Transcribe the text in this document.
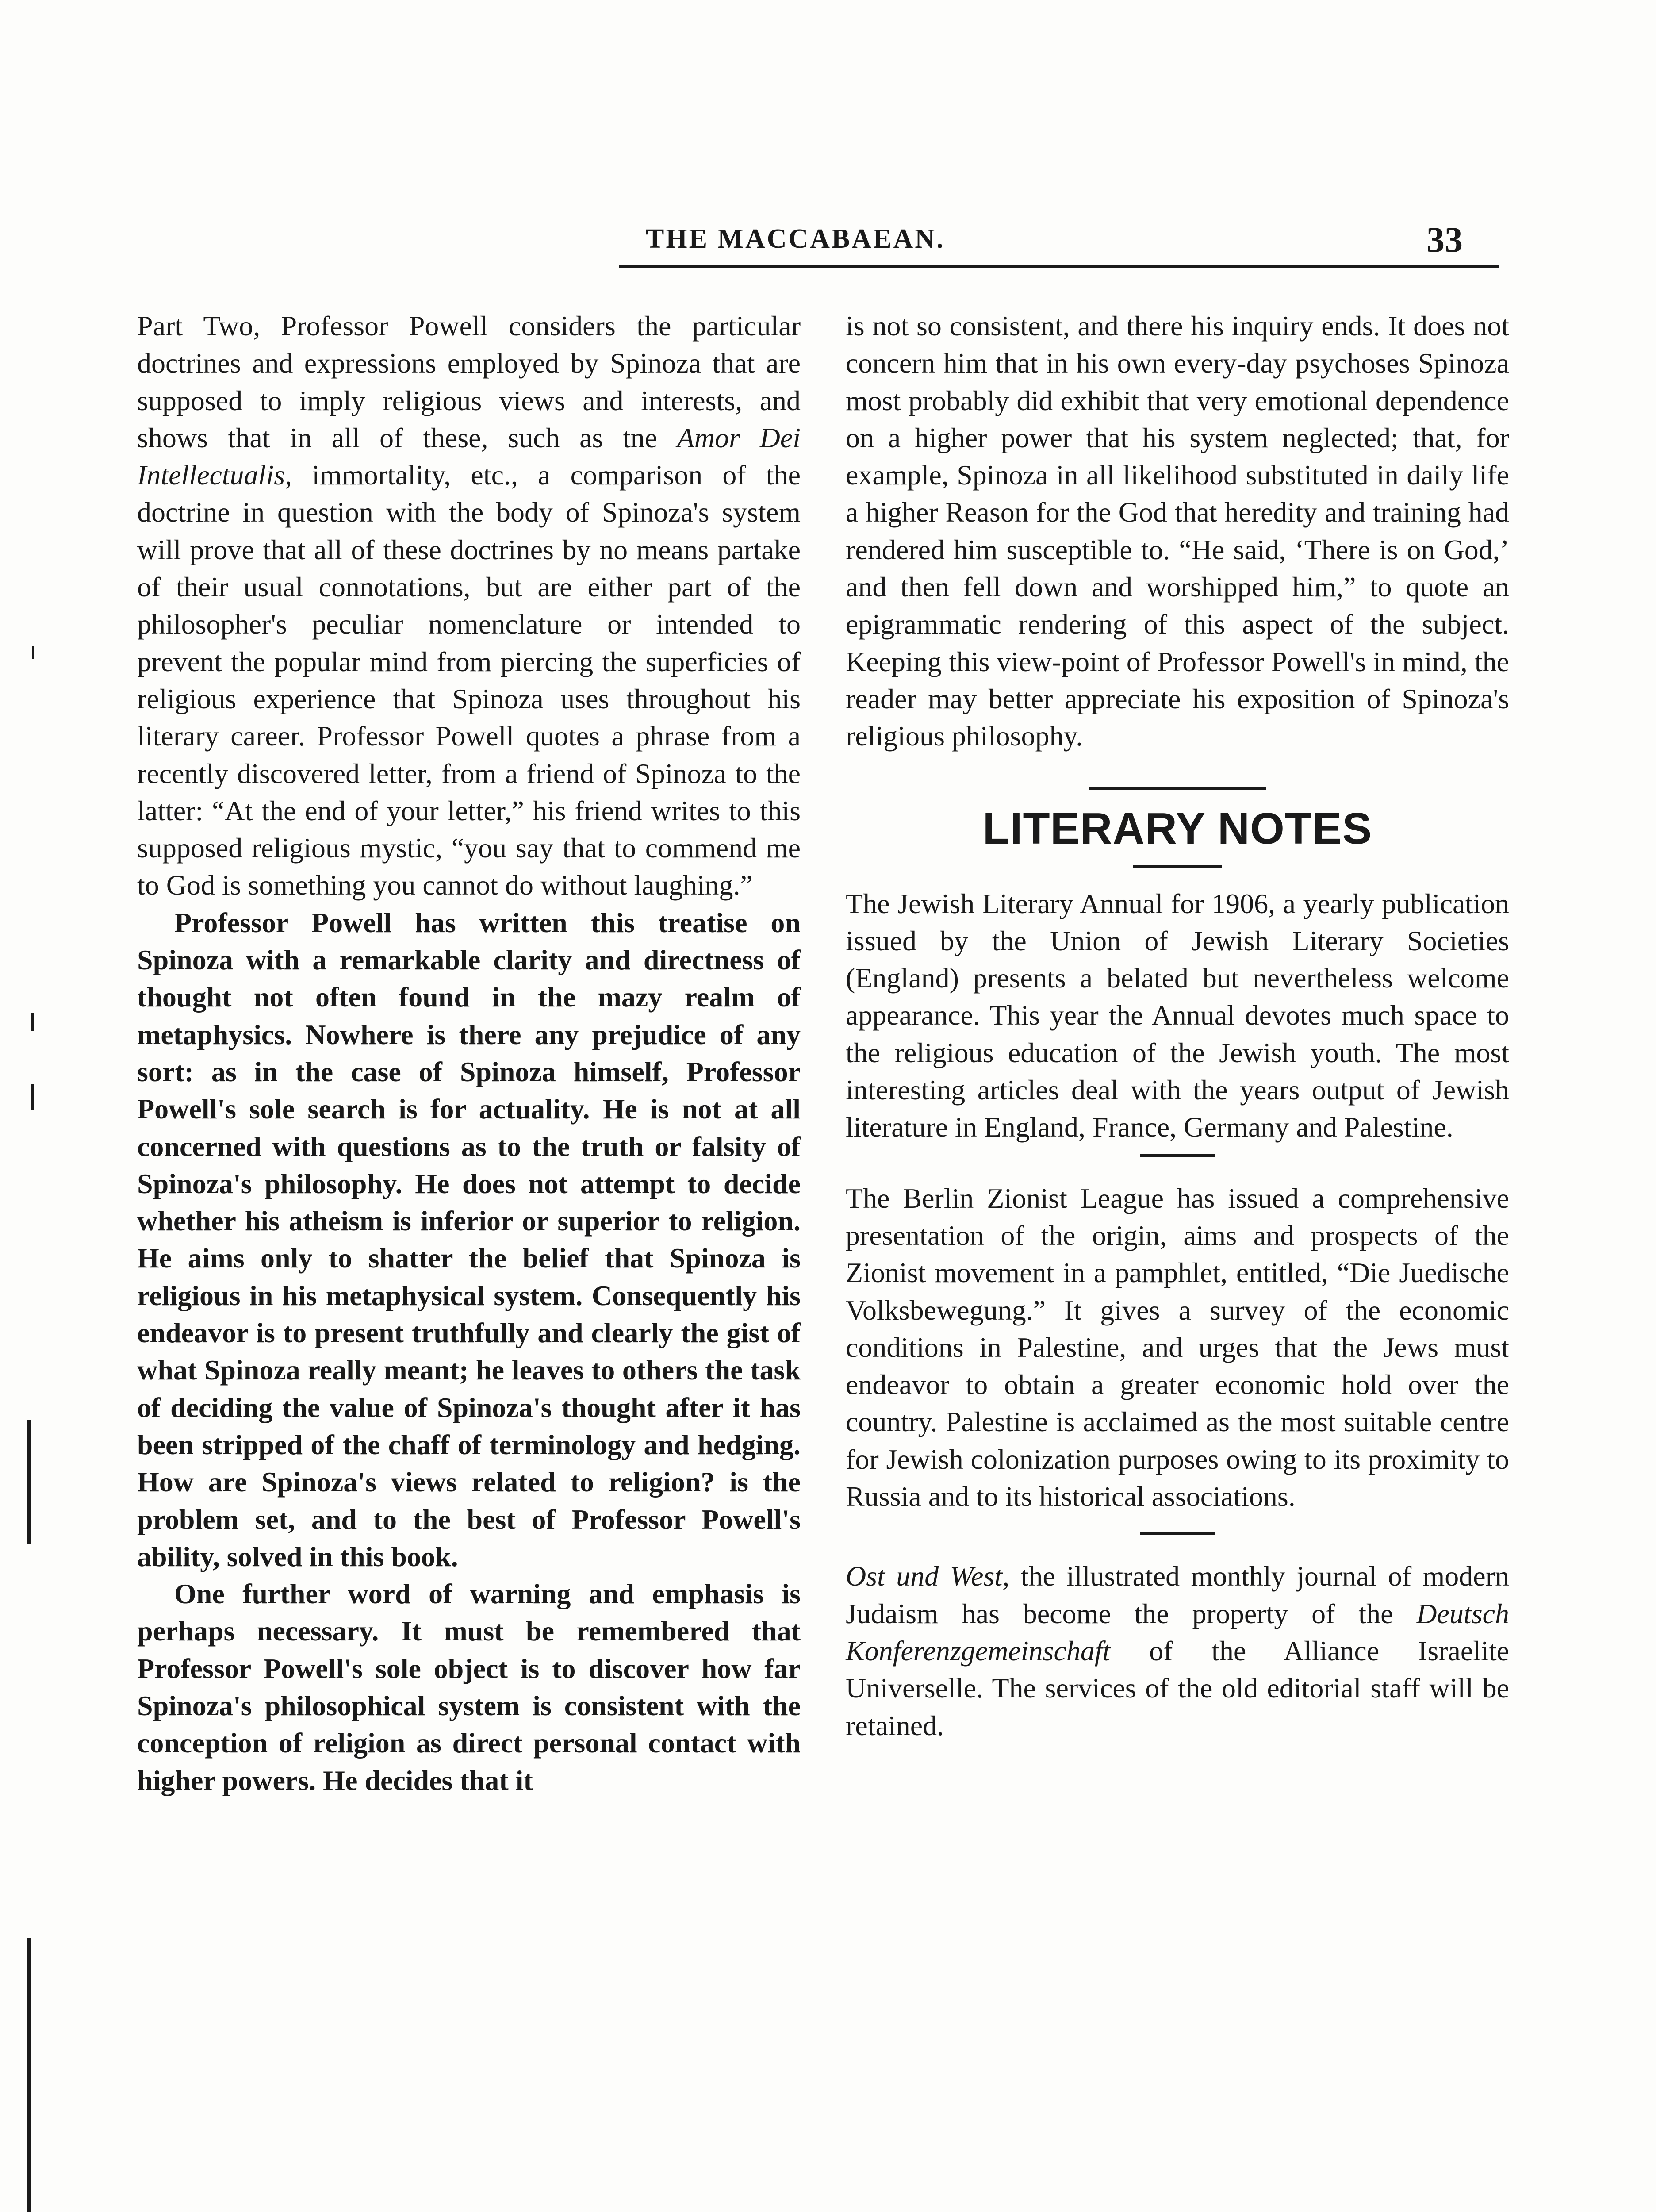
THE MACCABAEAN.	33

Part Two, Professor Powell considers the particular doctrines and expressions employed by Spinoza that are supposed to imply religious views and interests, and shows that in all of these, such as tne Amor Dei Intellectualis, immortality, etc., a comparison of the doctrine in question with the body of Spinoza's system will prove that all of these doctrines by no means partake of their usual connotations, but are either part of the philosopher's peculiar nomenclature or intended to prevent the popular mind from piercing the superficies of religious experience that Spinoza uses throughout his literary career. Professor Powell quotes a phrase from a recently discovered letter, from a friend of Spinoza to the latter: “At the end of your letter,” his friend writes to this supposed religious mystic, “you say that to commend me to God is something you cannot do without laughing.”

Professor Powell has written this treatise on Spinoza with a remarkable clarity and directness of thought not often found in the mazy realm of metaphysics. Nowhere is there any prejudice of any sort: as in the case of Spinoza himself, Professor Powell's sole search is for actuality. He is not at all concerned with questions as to the truth or falsity of Spinoza's philosophy. He does not attempt to decide whether his atheism is inferior or superior to religion. He aims only to shatter the belief that Spinoza is religious in his metaphysical system. Consequently his endeavor is to present truthfully and clearly the gist of what Spinoza really meant; he leaves to others the task of deciding the value of Spinoza's thought after it has been stripped of the chaff of terminology and hedging. How are Spinoza's views related to religion? is the problem set, and to the best of Professor Powell's ability, solved in this book.

One further word of warning and emphasis is perhaps necessary. It must be remembered that Professor Powell's sole object is to discover how far Spinoza's philosophical system is consistent with the conception of religion as direct personal contact with higher powers. He decides that it

is not so consistent, and there his inquiry ends. It does not concern him that in his own every-day psychoses Spinoza most probably did exhibit that very emotional dependence on a higher power that his system neglected; that, for example, Spinoza in all likelihood substituted in daily life a higher Reason for the God that heredity and training had rendered him susceptible to. “He said, ‘There is on God,’ and then fell down and worshipped him,” to quote an epigrammatic rendering of this aspect of the subject. Keeping this view-point of Professor Powell's in mind, the reader may better appreciate his exposition of Spinoza's religious philosophy.

LITERARY NOTES

The Jewish Literary Annual for 1906, a yearly publication issued by the Union of Jewish Literary Societies (England) presents a belated but nevertheless welcome appearance. This year the Annual devotes much space to the religious education of the Jewish youth. The most interesting articles deal with the years output of Jewish literature in England, France, Germany and Palestine.

The Berlin Zionist League has issued a comprehensive presentation of the origin, aims and prospects of the Zionist movement in a pamphlet, entitled, “Die Juedische Volksbewegung.” It gives a survey of the economic conditions in Palestine, and urges that the Jews must endeavor to obtain a greater economic hold over the country. Palestine is acclaimed as the most suitable centre for Jewish colonization purposes owing to its proximity to Russia and to its historical associations.

Ost und West, the illustrated monthly journal of modern Judaism has become the property of the Deutsch Konferenzgemeinschaft of the Alliance Israelite Universelle. The services of the old editorial staff will be retained.
